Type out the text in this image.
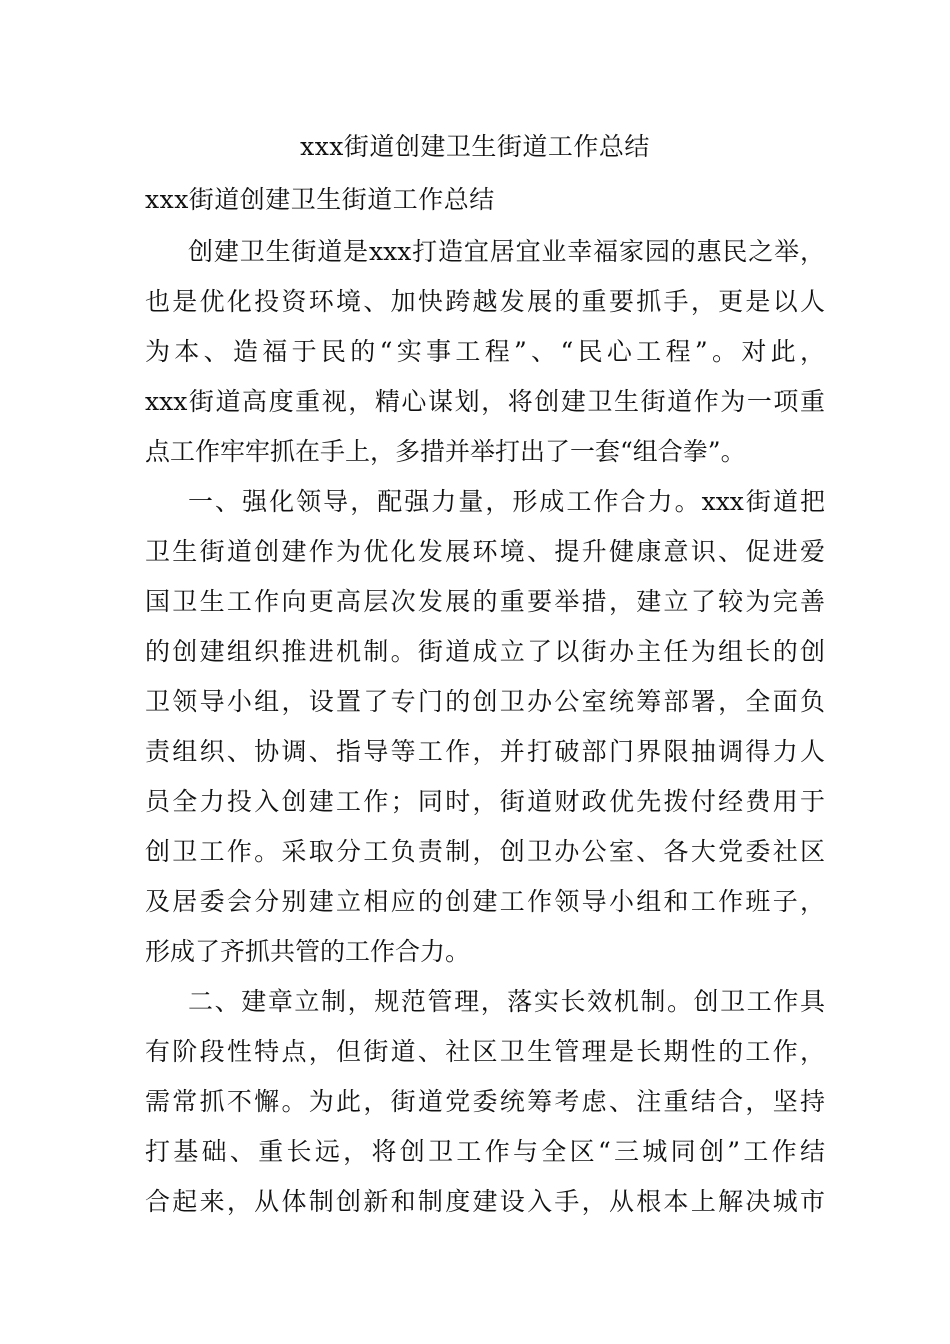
xxx街道创建卫生街道工作总结
xxx街道创建卫生街道工作总结
创建卫生街道是xxx打造宜居宜业幸福家园的惠民之举，
也是优化投资环境、加快跨越发展的重要抓手，更是以人
为本、造福于民的“实事工程”、“民心工程”。对此，
xxx街道高度重视，精心谋划，将创建卫生街道作为一项重
点工作牢牢抓在手上，多措并举打出了一套“组合拳”。
一、强化领导，配强力量，形成工作合力。xxx街道把
卫生街道创建作为优化发展环境、提升健康意识、促进爱
国卫生工作向更高层次发展的重要举措，建立了较为完善
的创建组织推进机制。街道成立了以街办主任为组长的创
卫领导小组，设置了专门的创卫办公室统筹部署，全面负
责组织、协调、指导等工作，并打破部门界限抽调得力人
员全力投入创建工作；同时，街道财政优先拨付经费用于
创卫工作。采取分工负责制，创卫办公室、各大党委社区
及居委会分别建立相应的创建工作领导小组和工作班子，
形成了齐抓共管的工作合力。
二、建章立制，规范管理，落实长效机制。创卫工作具
有阶段性特点，但街道、社区卫生管理是长期性的工作，
需常抓不懈。为此，街道党委统筹考虑、注重结合，坚持
打基础、重长远，将创卫工作与全区“三城同创”工作结
合起来，从体制创新和制度建设入手，从根本上解决城市
